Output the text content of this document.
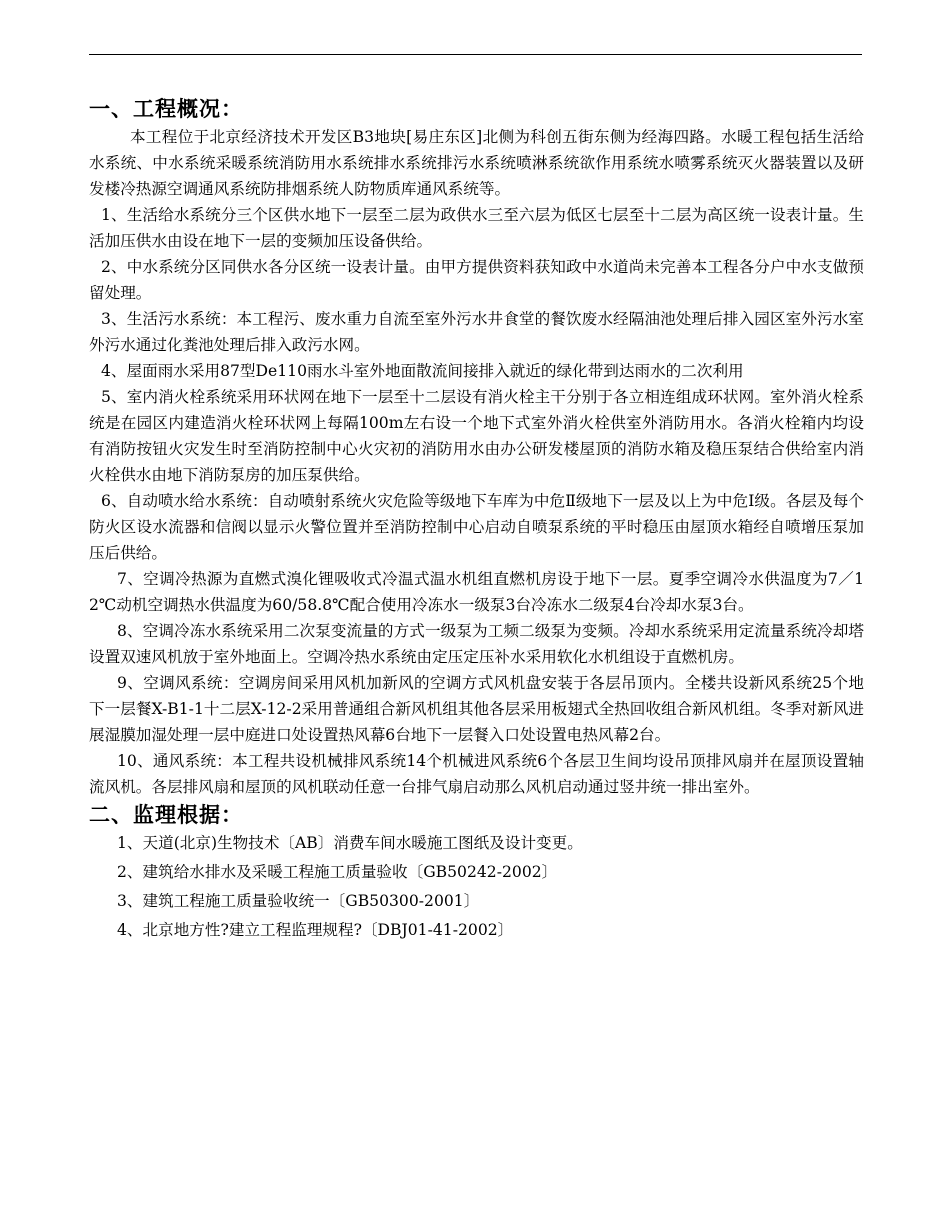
一、工程概况：

本工程位于北京经济技术开发区B3地块[易庄东区]北侧为科创五街东侧为经海四路。水暖工程包括生活给水系统、中水系统采暖系统消防用水系统排水系统排污水系统喷淋系统欲作用系统水喷雾系统灭火器装置以及研发楼冷热源空调通风系统防排烟系统人防物质库通风系统等。

1、生活给水系统分三个区供水地下一层至二层为政供水三至六层为低区七层至十二层为高区统一设表计量。生活加压供水由设在地下一层的变频加压设备供给。

2、中水系统分区同供水各分区统一设表计量。由甲方提供资料获知政中水道尚未完善本工程各分户中水支做预留处理。

3、生活污水系统：本工程污、废水重力自流至室外污水井食堂的餐饮废水经隔油池处理后排入园区室外污水室外污水通过化粪池处理后排入政污水网。

4、屋面雨水采用87型De110雨水斗室外地面散流间接排入就近的绿化带到达雨水的二次利用

5、室内消火栓系统采用环状网在地下一层至十二层设有消火栓主干分别于各立相连组成环状网。室外消火栓系统是在园区内建造消火栓环状网上每隔100m左右设一个地下式室外消火栓供室外消防用水。各消火栓箱内均设有消防按钮火灾发生时至消防控制中心火灾初的消防用水由办公研发楼屋顶的消防水箱及稳压泵结合供给室内消火栓供水由地下消防泵房的加压泵供给。

6、自动喷水给水系统：自动喷射系统火灾危险等级地下车库为中危Ⅱ级地下一层及以上为中危Ⅰ级。各层及每个防火区设水流器和信阀以显示火警位置并至消防控制中心启动自喷泵系统的平时稳压由屋顶水箱经自喷增压泵加压后供给。

7、空调冷热源为直燃式溴化锂吸收式冷温式温水机组直燃机房设于地下一层。夏季空调冷水供温度为7／12℃动机空调热水供温度为60/58.8℃配合使用冷冻水一级泵3台冷冻水二级泵4台冷却水泵3台。

8、空调冷冻水系统采用二次泵变流量的方式一级泵为工频二级泵为变频。冷却水系统采用定流量系统冷却塔设置双速风机放于室外地面上。空调冷热水系统由定压定压补水采用软化水机组设于直燃机房。

9、空调风系统：空调房间采用风机加新风的空调方式风机盘安装于各层吊顶内。全楼共设新风系统25个地下一层餐X-B1-1十二层X-12-2采用普通组合新风机组其他各层采用板翅式全热回收组合新风机组。冬季对新风进展湿膜加湿处理一层中庭进口处设置热风幕6台地下一层餐入口处设置电热风幕2台。

10、通风系统：本工程共设机械排风系统14个机械进风系统6个各层卫生间均设吊顶排风扇并在屋顶设置轴流风机。各层排风扇和屋顶的风机联动任意一台排气扇启动那么风机启动通过竖井统一排出室外。

二、监理根据：

1、天道(北京)生物技术〔AB〕消费车间水暖施工图纸及设计变更。

2、建筑给水排水及采暖工程施工质量验收〔GB50242-2002〕

3、建筑工程施工质量验收统一〔GB50300-2001〕

4、北京地方性?建立工程监理规程?〔DBJ01-41-2002〕
